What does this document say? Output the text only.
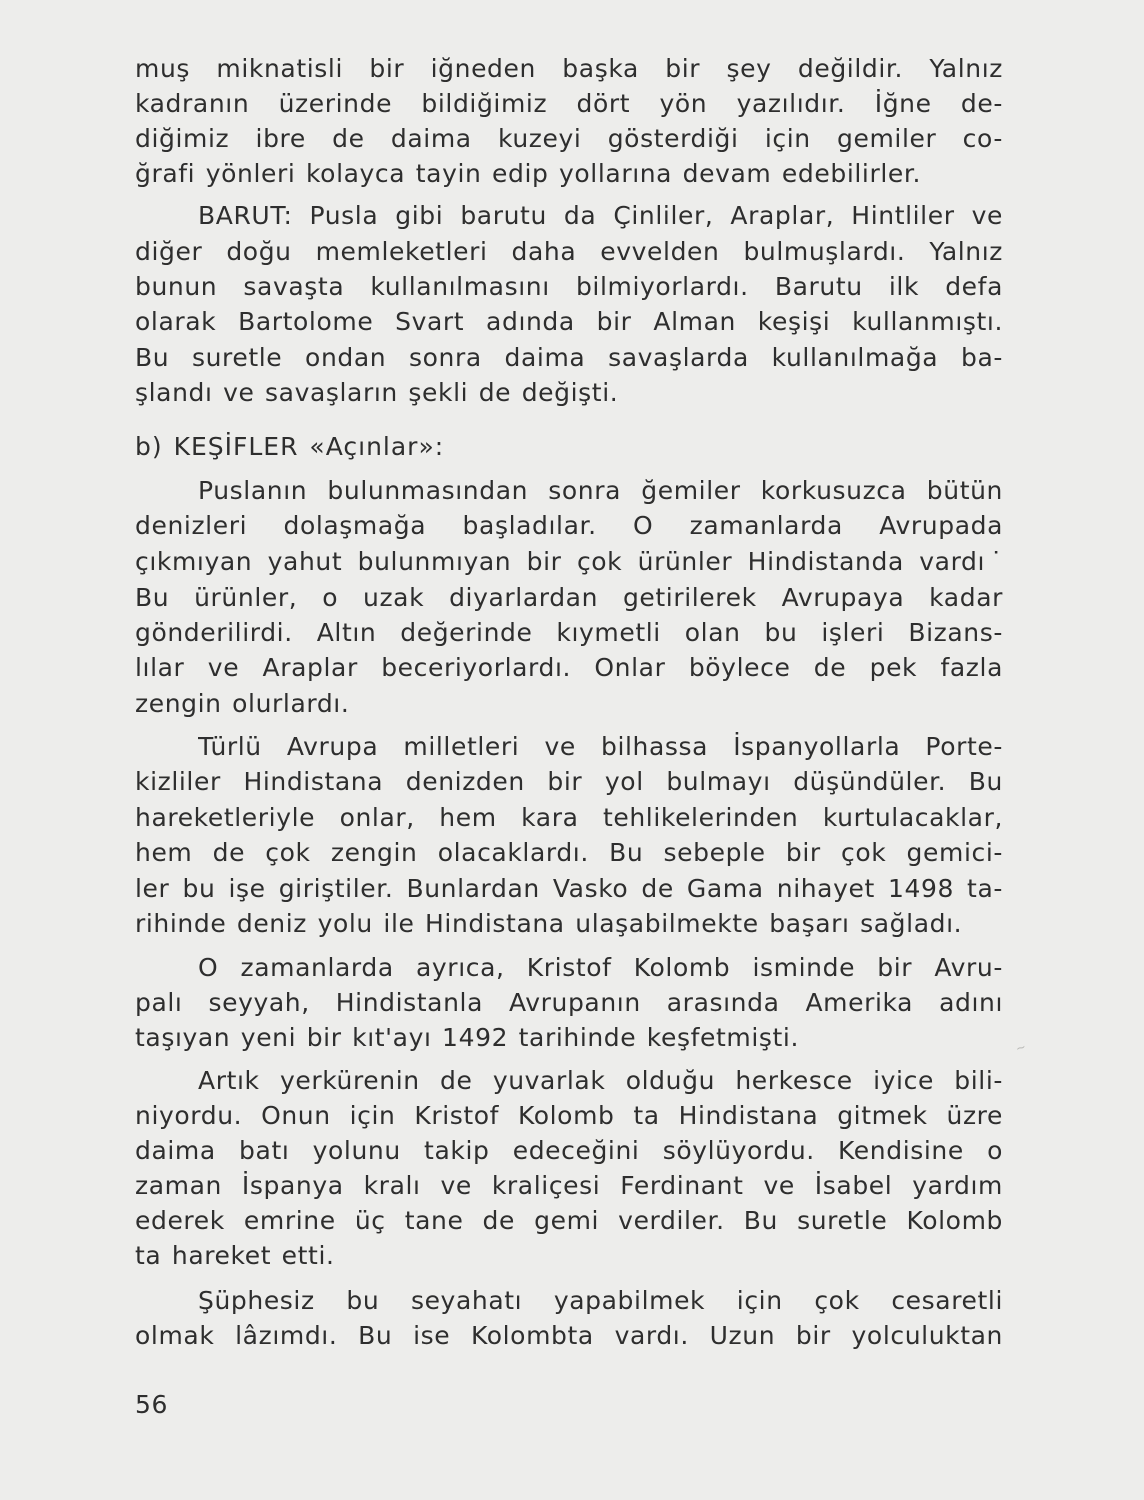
muş miknatisli bir iğneden başka bir şey değildir. Yalnız
kadranın üzerinde bildiğimiz dört yön yazılıdır. İğne de-
diğimiz ibre de daima kuzeyi gösterdiği için gemiler co-
ğrafi yönleri kolayca tayin edip yollarına devam edebilirler.
BARUT: Pusla gibi barutu da Çinliler, Araplar, Hintliler ve
diğer doğu memleketleri daha evvelden bulmuşlardı. Yalnız
bunun savaşta kullanılmasını bilmiyorlardı. Barutu ilk defa
olarak Bartolome Svart adında bir Alman keşişi kullanmıştı.
Bu suretle ondan sonra daima savaşlarda kullanılmağa ba-
şlandı ve savaşların şekli de değişti.
b) KEŞİFLER «Açınlar»:
Puslanın bulunmasından sonra ğemiler korkusuzca bütün
denizleri dolaşmağa başladılar. O zamanlarda Avrupada
çıkmıyan yahut bulunmıyan bir çok ürünler Hindistanda vardı˙
Bu ürünler, o uzak diyarlardan getirilerek Avrupaya kadar
gönderilirdi. Altın değerinde kıymetli olan bu işleri Bizans-
lılar ve Araplar beceriyorlardı. Onlar böylece de pek fazla
zengin olurlardı.
Türlü Avrupa milletleri ve bilhassa İspanyollarla Porte-
kizliler Hindistana denizden bir yol bulmayı düşündüler. Bu
hareketleriyle onlar, hem kara tehlikelerinden kurtulacaklar,
hem de çok zengin olacaklardı. Bu sebeple bir çok gemici-
ler bu işe giriştiler. Bunlardan Vasko de Gama nihayet 1498 ta-
rihinde deniz yolu ile Hindistana ulaşabilmekte başarı sağladı.
O zamanlarda ayrıca, Kristof Kolomb isminde bir Avru-
palı seyyah, Hindistanla Avrupanın arasında Amerika adını
taşıyan yeni bir kıt'ayı 1492 tarihinde keşfetmişti.
Artık yerkürenin de yuvarlak olduğu herkesce iyice bili-
niyordu. Onun için Kristof Kolomb ta Hindistana gitmek üzre
daima batı yolunu takip edeceğini söylüyordu. Kendisine o
zaman İspanya kralı ve kraliçesi Ferdinant ve İsabel yardım
ederek emrine üç tane de gemi verdiler. Bu suretle Kolomb
ta hareket etti.
Şüphesiz bu seyahatı yapabilmek için çok cesaretli
olmak lâzımdı. Bu ise Kolombta vardı. Uzun bir yolculuktan
~
56
